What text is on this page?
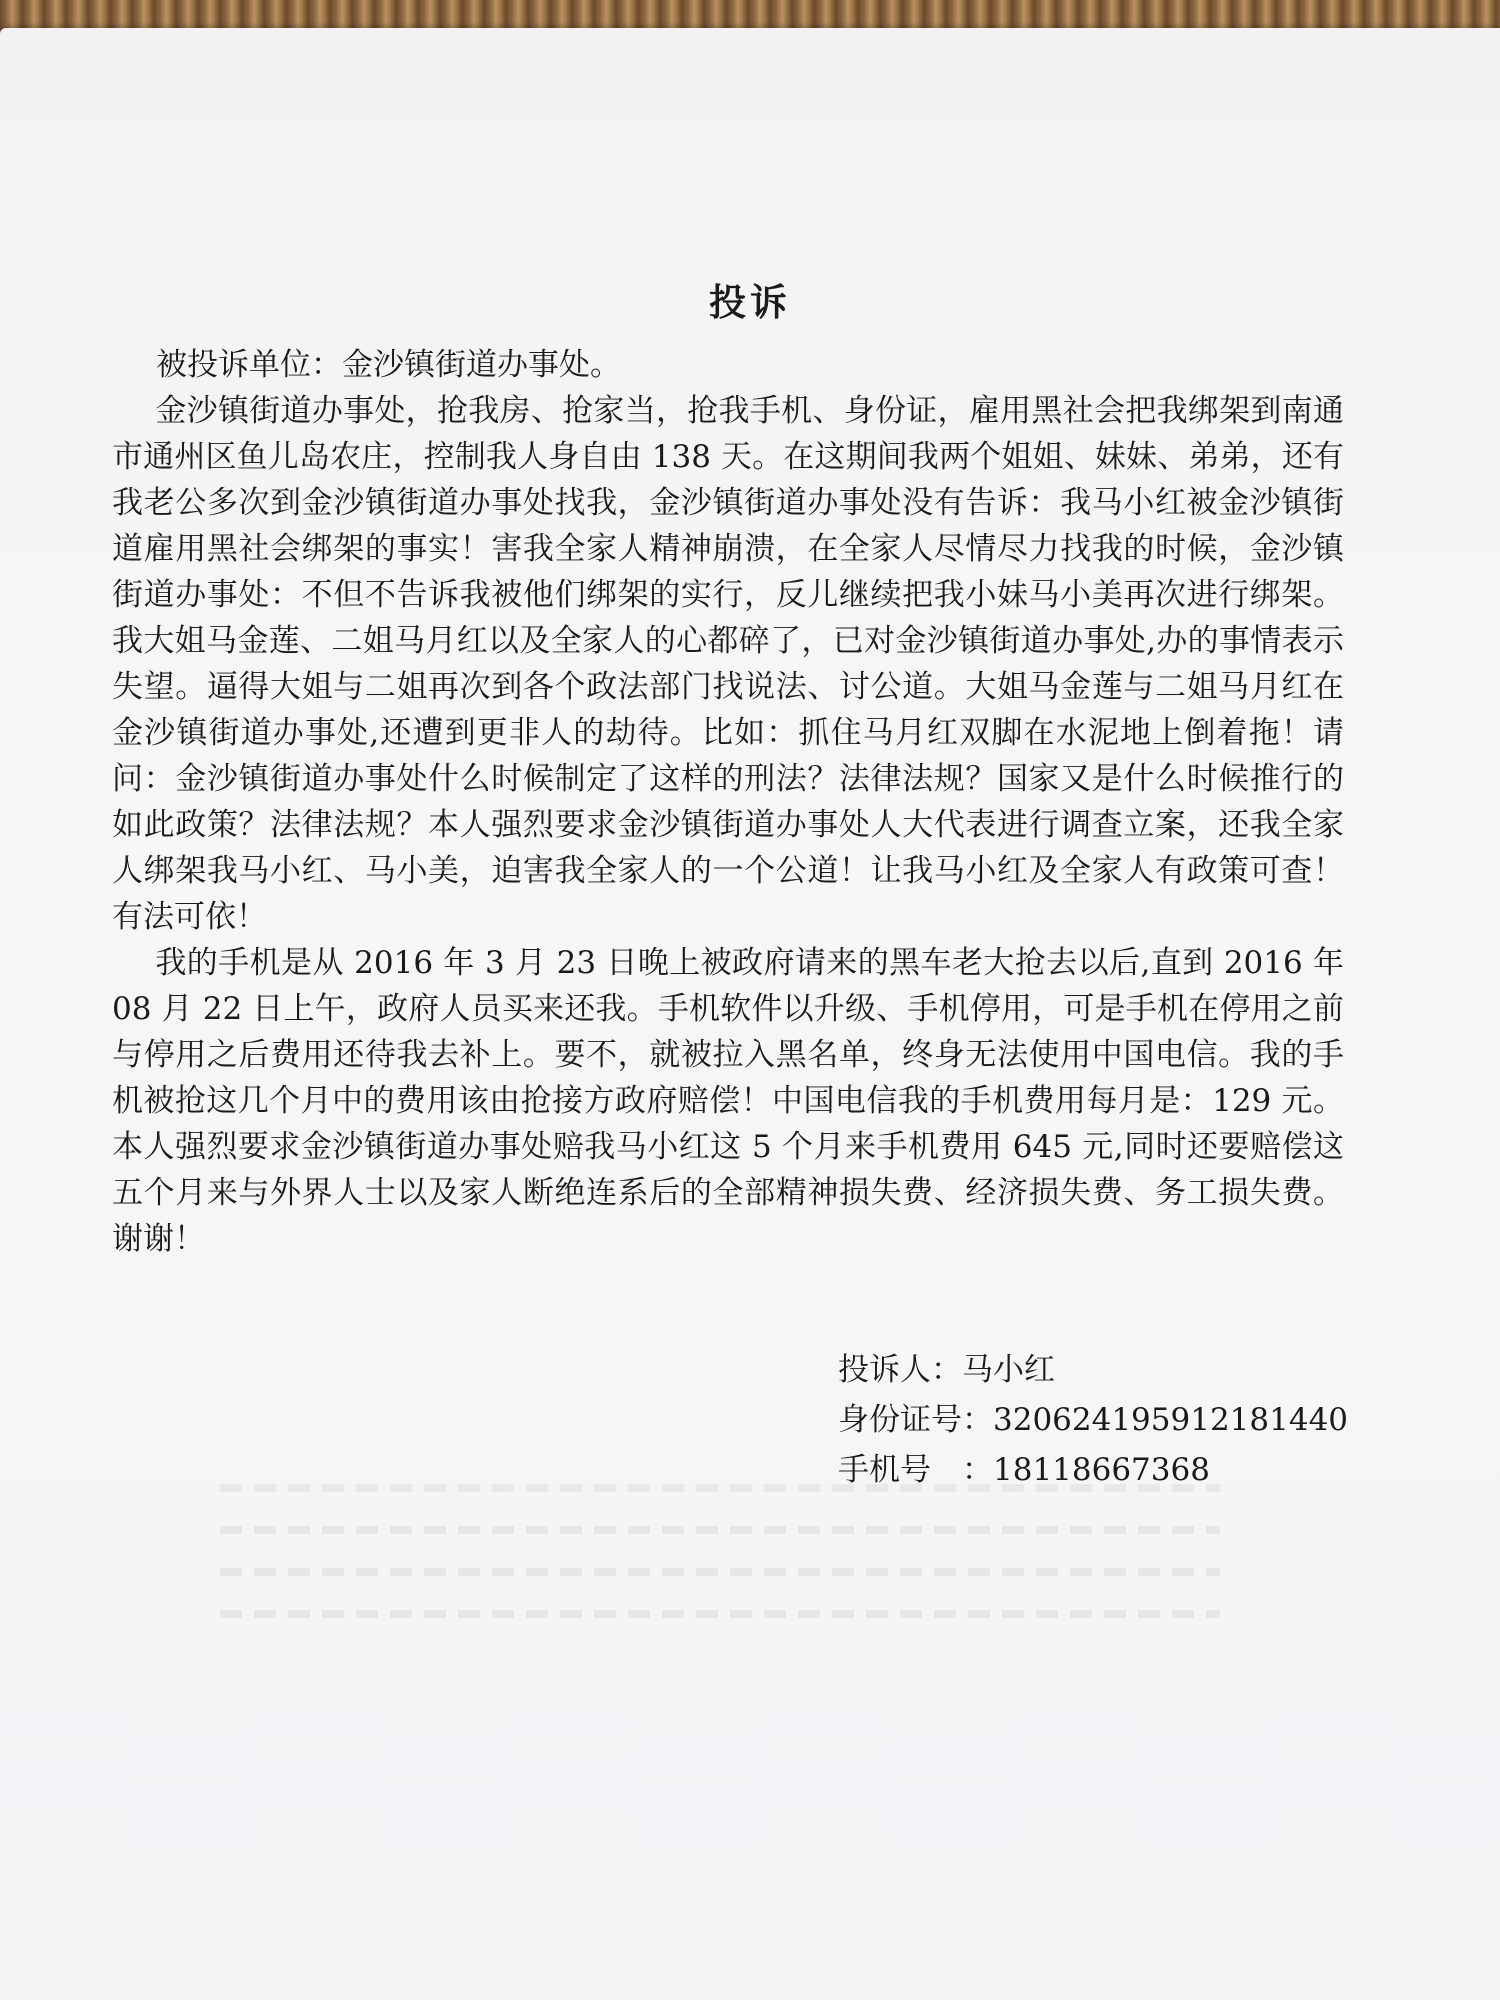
投诉

被投诉单位：金沙镇街道办事处。

金沙镇街道办事处，抢我房、抢家当，抢我手机、身份证，雇用黑社会把我绑架到南通市通州区鱼儿岛农庄，控制我人身自由 138 天。在这期间我两个姐姐、妹妹、弟弟，还有我老公多次到金沙镇街道办事处找我，金沙镇街道办事处没有告诉：我马小红被金沙镇街道雇用黑社会绑架的事实！害我全家人精神崩溃，在全家人尽情尽力找我的时候，金沙镇街道办事处：不但不告诉我被他们绑架的实行，反儿继续把我小妹马小美再次进行绑架。我大姐马金莲、二姐马月红以及全家人的心都碎了，已对金沙镇街道办事处,办的事情表示失望。逼得大姐与二姐再次到各个政法部门找说法、讨公道。大姐马金莲与二姐马月红在金沙镇街道办事处,还遭到更非人的劫待。比如：抓住马月红双脚在水泥地上倒着拖！请问：金沙镇街道办事处什么时候制定了这样的刑法？法律法规？国家又是什么时候推行的如此政策？法律法规？本人强烈要求金沙镇街道办事处人大代表进行调查立案，还我全家人绑架我马小红、马小美，迫害我全家人的一个公道！让我马小红及全家人有政策可查！有法可依！

我的手机是从 2016 年 3 月 23 日晚上被政府请来的黑车老大抢去以后,直到 2016 年 08 月 22 日上午，政府人员买来还我。手机软件以升级、手机停用，可是手机在停用之前与停用之后费用还待我去补上。要不，就被拉入黑名单，终身无法使用中国电信。我的手机被抢这几个月中的费用该由抢接方政府赔偿！中国电信我的手机费用每月是：129 元。本人强烈要求金沙镇街道办事处赔我马小红这 5 个月来手机费用 645 元,同时还要赔偿这五个月来与外界人士以及家人断绝连系后的全部精神损失费、经济损失费、务工损失费。谢谢！

投诉人：马小红
身份证号：320624195912181440
手机号　：18118667368
